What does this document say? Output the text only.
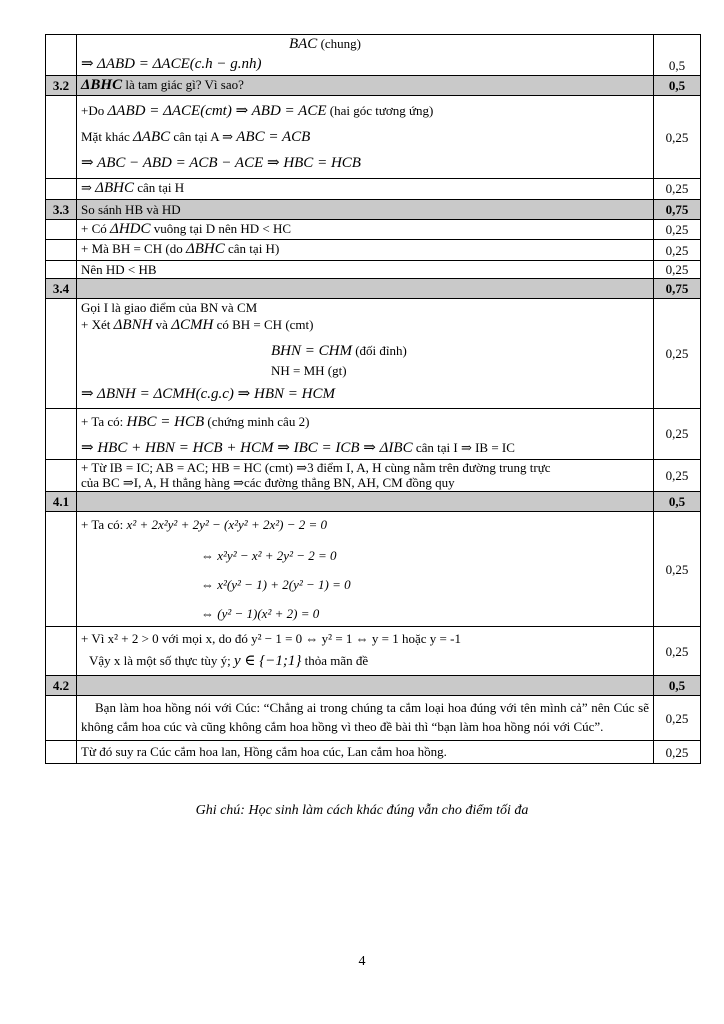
	BAC (chung)
⇒ ΔABD = ΔACE(c.h − g.nh)	0,5
3.2	ΔBHC là tam giác gì? Vì sao?	0,5

	+Do ΔABD = ΔACE(cmt) ⇒ ABD = ACE (hai góc tương ứng)
Mặt khác ΔABC cân tại A ⇒ ABC = ACB
⇒ ABC − ABD = ACB − ACE ⇒ HBC = HCB	0,25
	⇒ ΔBHC cân tại H	0,25
3.3	So sánh HB và HD	0,75
	+ Có ΔHDC vuông tại D nên HD < HC	0,25
	+ Mà BH = CH (do ΔBHC cân tại H)	0,25
	Nên HD < HB	0,25
3.4		0,75

	Gọi I là giao điểm của BN và CM
+ Xét ΔBNH và ΔCMH có BH = CH (cmt)
BHN = CHM (đối đỉnh)
NH = MH (gt)
⇒ ΔBNH = ΔCMH(c.g.c) ⇒ HBN = HCM	0,25

	+ Ta có: HBC = HCB (chứng minh câu 2)
⇒ HBC + HBN = HCB + HCM ⇒ IBC = ICB ⇒ ΔIBC cân tại I ⇒ IB = IC	0,25

	+ Từ IB = IC; AB = AC; HB = HC (cmt) ⇒3 điểm I, A, H cùng nằm trên đường trung trực
của BC ⇒I, A, H thẳng hàng ⇒các đường thẳng BN, AH, CM đồng quy	0,25
4.1		0,5

	+ Ta có: x² + 2x²y² + 2y² − (x²y² + 2x²) − 2 = 0
⇔ x²y² − x² + 2y² − 2 = 0
⇔ x²(y² − 1) + 2(y² − 1) = 0
⇔ (y² − 1)(x² + 2) = 0	0,25

	+ Vì x² + 2 > 0 với mọi x, do đó y² − 1 = 0 ⇔ y² = 1 ⇔ y = 1 hoặc y = -1
Vậy x là một số thực tùy ý; y ∈ {−1;1} thỏa mãn đề	0,25
4.2		0,5

	Bạn làm hoa hồng nói với Cúc: “Chẳng ai trong chúng ta cắm loại hoa đúng với tên mình cả” nên Cúc sẽ không cắm hoa cúc và cũng không cắm hoa hồng vì theo đề bài thì “bạn làm hoa hồng nói với Cúc”.	0,25
	Từ đó suy ra Cúc cắm hoa lan, Hồng cắm hoa cúc, Lan cắm hoa hồng.	0,25
Ghi chú: Học sinh làm cách khác đúng vẫn cho điểm tối đa
4
